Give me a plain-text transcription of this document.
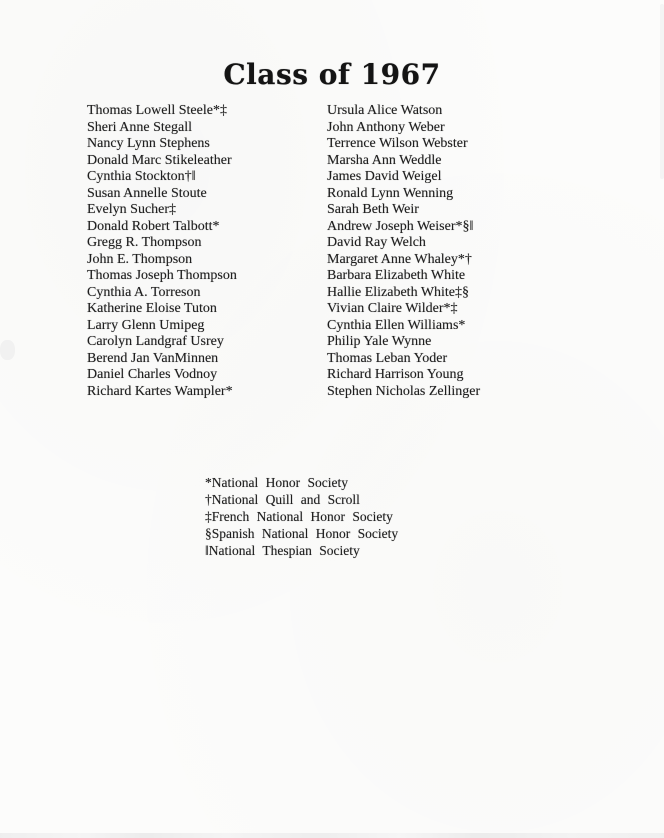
Class of 1967
Thomas Lowell Steele*‡
Sheri Anne Stegall
Nancy Lynn Stephens
Donald Marc Stikeleather
Cynthia Stockton†‖
Susan Annelle Stoute
Evelyn Sucher‡
Donald Robert Talbott*
Gregg R. Thompson
John E. Thompson
Thomas Joseph Thompson
Cynthia A. Torreson
Katherine Eloise Tuton
Larry Glenn Umipeg
Carolyn Landgraf Usrey
Berend Jan VanMinnen
Daniel Charles Vodnoy
Richard Kartes Wampler*
Ursula Alice Watson
John Anthony Weber
Terrence Wilson Webster
Marsha Ann Weddle
James David Weigel
Ronald Lynn Wenning
Sarah Beth Weir
Andrew Joseph Weiser*§‖
David Ray Welch
Margaret Anne Whaley*†
Barbara Elizabeth White
Hallie Elizabeth White‡§
Vivian Claire Wilder*‡
Cynthia Ellen Williams*
Philip Yale Wynne
Thomas Leban Yoder
Richard Harrison Young
Stephen Nicholas Zellinger
*National Honor Society
†National Quill and Scroll
‡French National Honor Society
§Spanish National Honor Society
‖National Thespian Society
